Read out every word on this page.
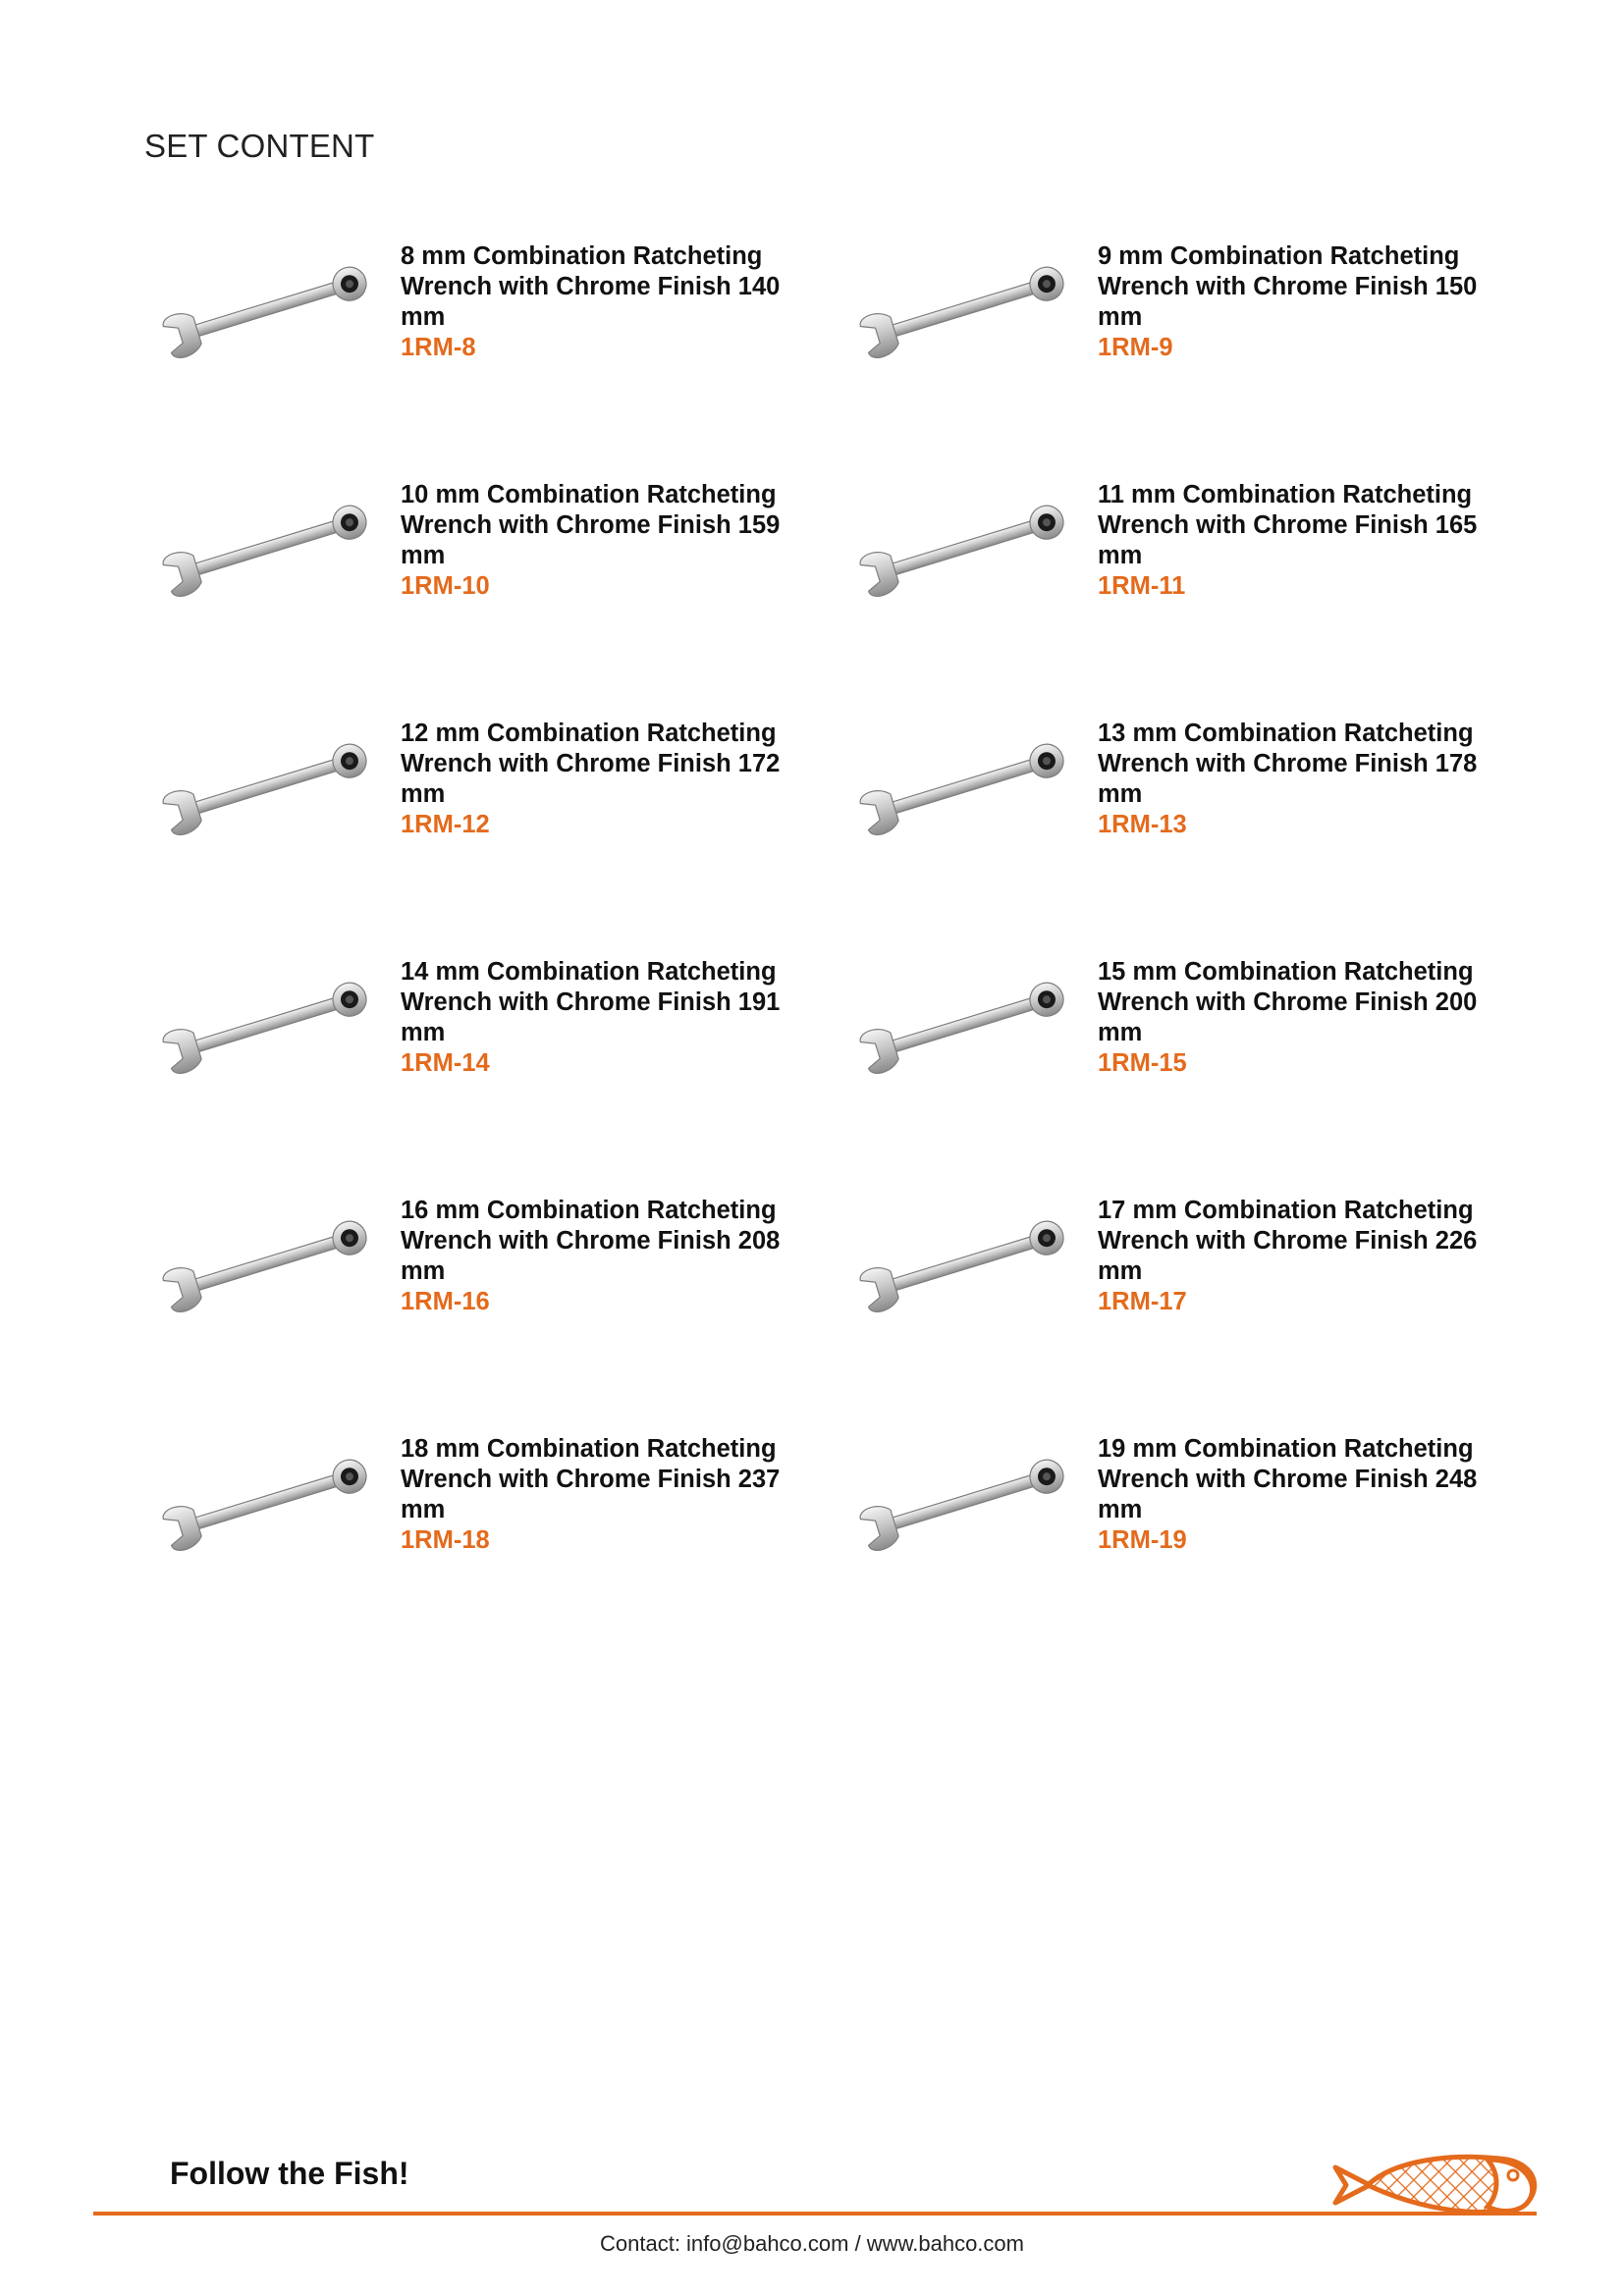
SET CONTENT
8 mm Combination Ratcheting Wrench with Chrome Finish 140 mm
1RM-8
9 mm Combination Ratcheting Wrench with Chrome Finish 150 mm
1RM-9
10 mm Combination Ratcheting Wrench with Chrome Finish 159 mm
1RM-10
11 mm Combination Ratcheting Wrench with Chrome Finish 165 mm
1RM-11
12 mm Combination Ratcheting Wrench with Chrome Finish 172 mm
1RM-12
13 mm Combination Ratcheting Wrench with Chrome Finish 178 mm
1RM-13
14 mm Combination Ratcheting Wrench with Chrome Finish 191 mm
1RM-14
15 mm Combination Ratcheting Wrench with Chrome Finish 200 mm
1RM-15
16 mm Combination Ratcheting Wrench with Chrome Finish 208 mm
1RM-16
17 mm Combination Ratcheting Wrench with Chrome Finish 226 mm
1RM-17
18 mm Combination Ratcheting Wrench with Chrome Finish 237 mm
1RM-18
19 mm Combination Ratcheting Wrench with Chrome Finish 248 mm
1RM-19
Follow the Fish!
Contact: info@bahco.com / www.bahco.com
